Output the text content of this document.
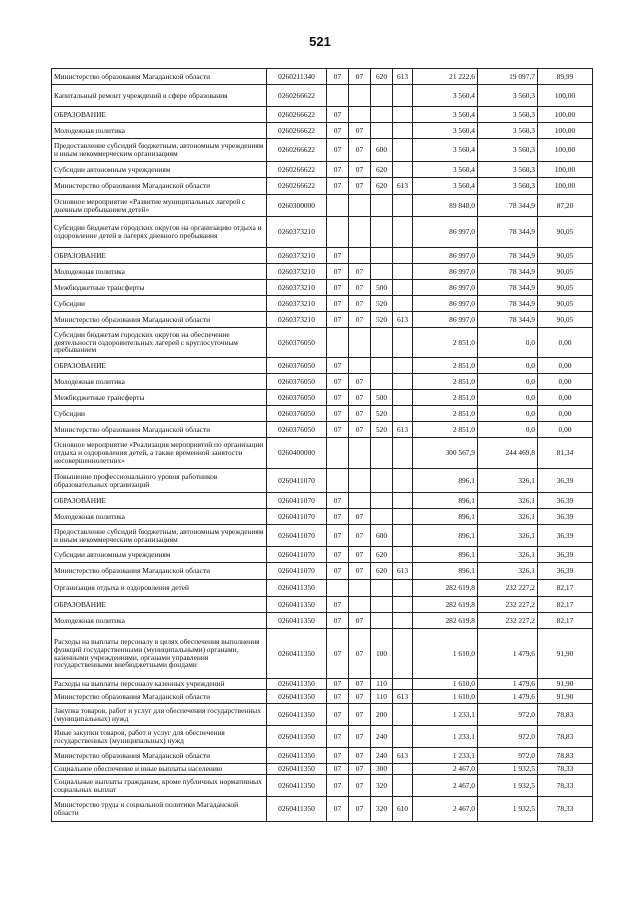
521
Министерство образования Магаданской области	0260211340	07	07	620	613	21 222,6	19 097,7	89,99
Капитальный ремонт учреждений в сфере образования	0260266622					3 560,4	3 560,3	100,00
ОБРАЗОВАНИЕ	0260266622	07				3 560,4	3 560,3	100,00
Молодежная политика	0260266622	07	07			3 560,4	3 560,3	100,00
Предоставление субсидий бюджетным, автономным учреждениям и иным некоммерческим организациям	0260266622	07	07	600		3 560,4	3 560,3	100,00
Субсидии автономным учреждениям	0260266622	07	07	620		3 560,4	3 560,3	100,00
Министерство образования Магаданской области	0260266622	07	07	620	613	3 560,4	3 560,3	100,00
Основное мероприятие «Развитие муниципальных лагерей с дневным пребыванием детей»	0260300000					89 848,0	78 344,9	87,20
Субсидии бюджетам городских округов на организацию отдыха и оздоровление детей в лагерях дневного пребывания	0260373210					86 997,0	78 344,9	90,05
ОБРАЗОВАНИЕ	0260373210	07				86 997,0	78 344,9	90,05
Молодежная политика	0260373210	07	07			86 997,0	78 344,9	90,05
Межбюджетные трансферты	0260373210	07	07	500		86 997,0	78 344,9	90,05
Субсидии	0260373210	07	07	520		86 997,0	78 344,9	90,05
Министерство образования Магаданской области	0260373210	07	07	520	613	86 997,0	78 344,9	90,05
Субсидии бюджетам городских округов на обеспечение деятельности оздоровительных лагерей с круглосуточным пребыванием	0260376050					2 851,0	0,0	0,00
ОБРАЗОВАНИЕ	0260376050	07				2 851,0	0,0	0,00
Молодежная политика	0260376050	07	07			2 851,0	0,0	0,00
Межбюджетные трансферты	0260376050	07	07	500		2 851,0	0,0	0,00
Субсидии	0260376050	07	07	520		2 851,0	0,0	0,00
Министерство образования Магаданской области	0260376050	07	07	520	613	2 851,0	0,0	0,00
Основное мероприятие «Реализация мероприятий по организации отдыха и оздоровления детей, а также временной занятости несовершеннолетних»	0260400000					300 567,9	244 469,8	81,34
Повышение профессионального уровня работников образовательных организаций	0260411070					896,1	326,1	36,39
ОБРАЗОВАНИЕ	0260411070	07				896,1	326,1	36,39
Молодежная политика	0260411070	07	07			896,1	326,1	36,39
Предоставление субсидий бюджетным, автономным учреждениям и иным некоммерческим организациям	0260411070	07	07	600		896,1	326,1	36,39
Субсидии автономным учреждениям	0260411070	07	07	620		896,1	326,1	36,39
Министерство образования Магаданской области	0260411070	07	07	620	613	896,1	326,1	36,39
Организация отдыха и оздоровления детей	0260411350					282 619,8	232 227,2	82,17
ОБРАЗОВАНИЕ	0260411350	07				282 619,8	232 227,2	82,17
Молодежная политика	0260411350	07	07			282 619,8	232 227,2	82,17
Расходы на выплаты персоналу в целях обеспечения выполнения функций государственными (муниципальными) органами, казенными учреждениями, органами управления государственными внебюджетными фондами	0260411350	07	07	100		1 610,0	1 479,6	91,90
Расходы на выплаты персоналу казенных учреждений	0260411350	07	07	110		1 610,0	1 479,6	91,90
Министерство образования Магаданской области	0260411350	07	07	110	613	1 610,0	1 479,6	91,90
Закупка товаров, работ и услуг для обеспечения государственных (муниципальных) нужд	0260411350	07	07	200		1 233,1	972,0	78,83
Иные закупки товаров, работ и услуг для обеспечения государственных (муниципальных) нужд	0260411350	07	07	240		1 233,1	972,0	78,83
Министерство образования Магаданской области	0260411350	07	07	240	613	1 233,1	972,0	78,83
Социальное обеспечение и иные выплаты населению	0260411350	07	07	300		2 467,0	1 932,5	78,33
Социальные выплаты гражданам, кроме публичных нормативных социальных выплат	0260411350	07	07	320		2 467,0	1 932,5	78,33
Министерство труда и социальной политики Магаданской области	0260411350	07	07	320	610	2 467,0	1 932,5	78,33
